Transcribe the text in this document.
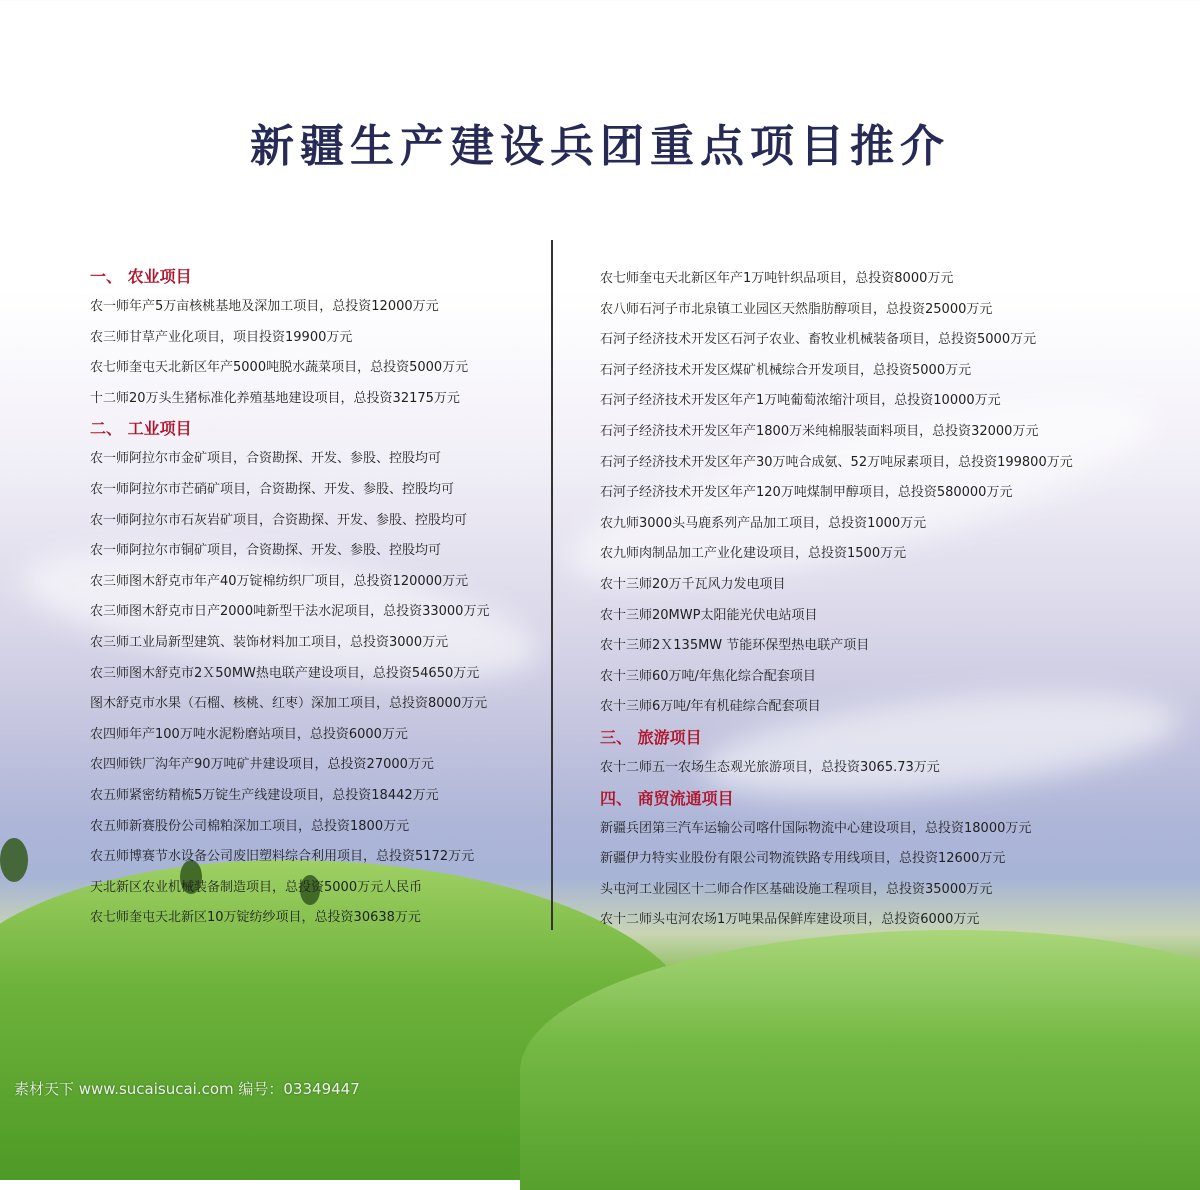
新疆生产建设兵团重点项目推介
一、 农业项目
农一师年产5万亩核桃基地及深加工项目，总投资12000万元
农三师甘草产业化项目，项目投资19900万元
农七师奎屯天北新区年产5000吨脱水蔬菜项目，总投资5000万元
十二师20万头生猪标准化养殖基地建设项目，总投资32175万元
二、 工业项目
农一师阿拉尔市金矿项目，合资勘探、开发、参股、控股均可
农一师阿拉尔市芒硝矿项目，合资勘探、开发、参股、控股均可
农一师阿拉尔市石灰岩矿项目，合资勘探、开发、参股、控股均可
农一师阿拉尔市铜矿项目，合资勘探、开发、参股、控股均可
农三师图木舒克市年产40万锭棉纺织厂项目，总投资120000万元
农三师图木舒克市日产2000吨新型干法水泥项目，总投资33000万元
农三师工业局新型建筑、装饰材料加工项目，总投资3000万元
农三师图木舒克市2Ｘ50MW热电联产建设项目，总投资54650万元
图木舒克市水果（石榴、核桃、红枣）深加工项目，总投资8000万元
农四师年产100万吨水泥粉磨站项目，总投资6000万元
农四师铁厂沟年产90万吨矿井建设项目，总投资27000万元
农五师紧密纺精梳5万锭生产线建设项目，总投资18442万元
农五师新赛股份公司棉粕深加工项目，总投资1800万元
农五师博赛节水设备公司废旧塑料综合利用项目，总投资5172万元
天北新区农业机械装备制造项目，总投资5000万元人民币
农七师奎屯天北新区10万锭纺纱项目，总投资30638万元
农七师奎屯天北新区年产1万吨针织品项目，总投资8000万元
农八师石河子市北泉镇工业园区天然脂肪醇项目，总投资25000万元
石河子经济技术开发区石河子农业、畜牧业机械装备项目，总投资5000万元
石河子经济技术开发区煤矿机械综合开发项目，总投资5000万元
石河子经济技术开发区年产1万吨葡萄浓缩汁项目，总投资10000万元
石河子经济技术开发区年产1800万米纯棉服装面料项目，总投资32000万元
石河子经济技术开发区年产30万吨合成氨、52万吨尿素项目，总投资199800万元
石河子经济技术开发区年产120万吨煤制甲醇项目，总投资580000万元
农九师3000头马鹿系列产品加工项目，总投资1000万元
农九师肉制品加工产业化建设项目，总投资1500万元
农十三师20万千瓦风力发电项目
农十三师20MWP太阳能光伏电站项目
农十三师2Ｘ135MW 节能环保型热电联产项目
农十三师60万吨/年焦化综合配套项目
农十三师6万吨/年有机硅综合配套项目
三、 旅游项目
农十二师五一农场生态观光旅游项目，总投资3065.73万元
四、 商贸流通项目
新疆兵团第三汽车运输公司喀什国际物流中心建设项目，总投资18000万元
新疆伊力特实业股份有限公司物流铁路专用线项目，总投资12600万元
头屯河工业园区十二师合作区基础设施工程项目，总投资35000万元
农十二师头屯河农场1万吨果品保鲜库建设项目，总投资6000万元
素材天下 www.sucaisucai.com 编号：03349447
